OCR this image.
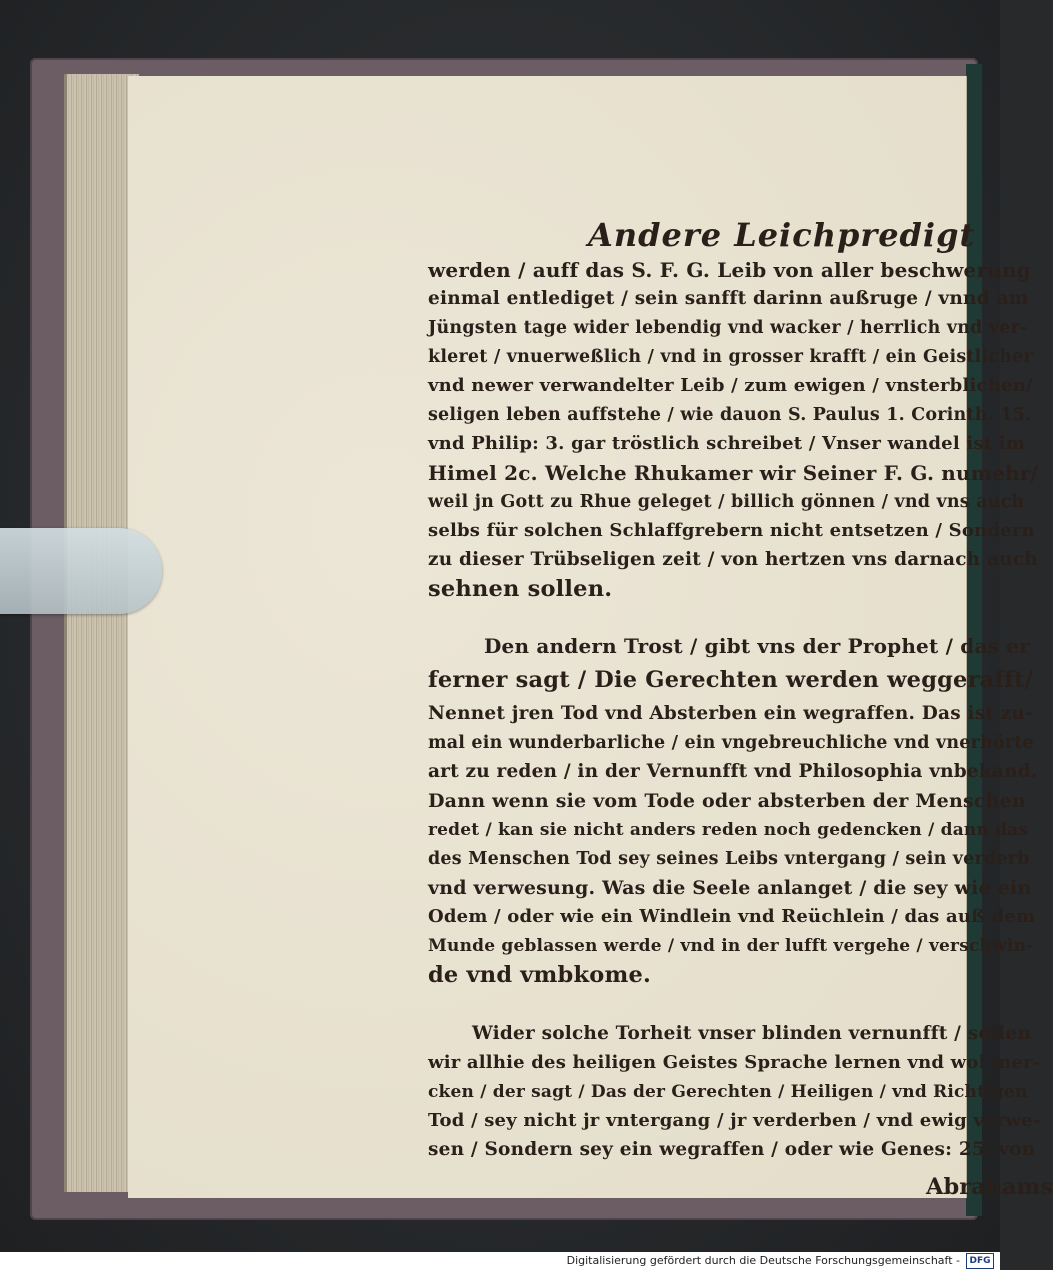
Andere Leichpredigt
werden / auff das S. F. G. Leib von aller beschwerung
einmal entlediget / sein sanfft darinn außruge / vnnd am
Jüngsten tage wider lebendig vnd wacker / herrlich vnd ver-
kleret / vnuerweßlich / vnd in grosser krafft / ein Geistlicher
vnd newer verwandelter Leib / zum ewigen / vnsterblichen/
seligen leben auffstehe / wie dauon S. Paulus 1. Corinth. 15.
vnd Philip: 3. gar tröstlich schreibet / Vnser wandel ist im
Himel 2c. Welche Rhukamer wir Seiner F. G. numehr/
weil jn Gott zu Rhue geleget / billich gönnen / vnd vns auch
selbs für solchen Schlaffgrebern nicht entsetzen / Sondern
zu dieser Trübseligen zeit / von hertzen vns darnach auch
sehnen sollen.
Den andern Trost / gibt vns der Prophet / das er
ferner sagt / Die Gerechten werden weggerafft/
Nennet jren Tod vnd Absterben ein wegraffen. Das ist zu-
mal ein wunderbarliche / ein vngebreuchliche vnd vnerhörte
art zu reden / in der Vernunfft vnd Philosophia vnbekand.
Dann wenn sie vom Tode oder absterben der Menschen
redet / kan sie nicht anders reden noch gedencken / dann das
des Menschen Tod sey seines Leibs vntergang / sein verderb
vnd verwesung. Was die Seele anlanget / die sey wie ein
Odem / oder wie ein Windlein vnd Reüchlein / das auß dem
Munde geblassen werde / vnd in der lufft vergehe / verschwin-
de vnd vmbkome.
Wider solche Torheit vnser blinden vernunfft / sollen
wir allhie des heiligen Geistes Sprache lernen vnd wol mer-
cken / der sagt / Das der Gerechten / Heiligen / vnd Richtigen
Tod / sey nicht jr vntergang / jr verderben / vnd ewig verwe-
sen / Sondern sey ein wegraffen / oder wie Genes: 25. von
Abrahams
Digitalisierung gefördert durch die Deutsche Forschungsgemeinschaft -	DFG
